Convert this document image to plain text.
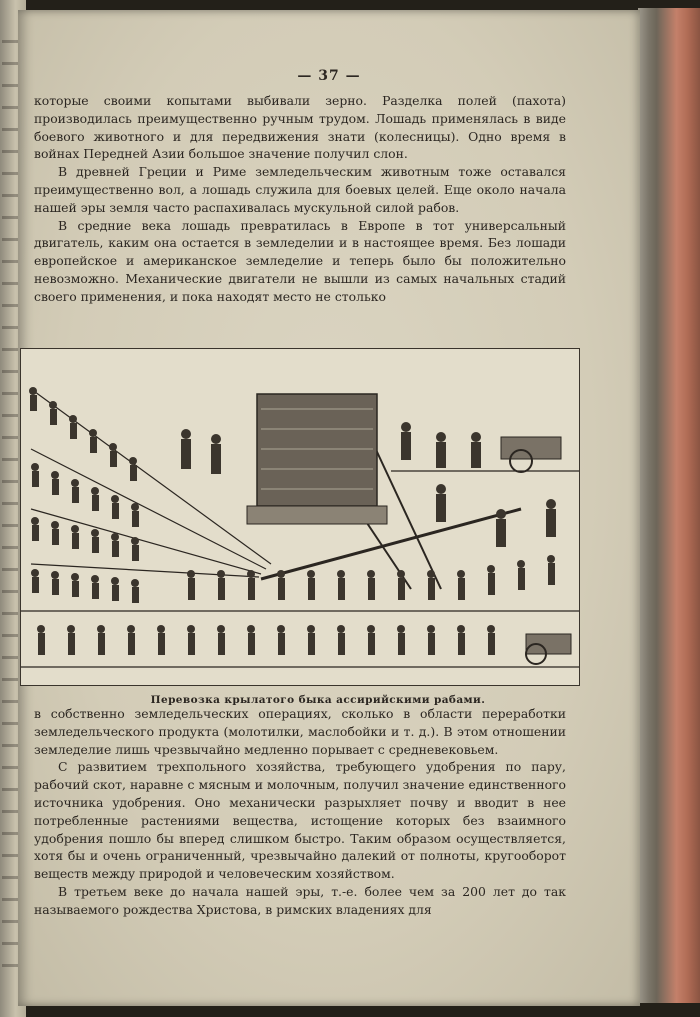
— 37 —

которые своими копытами выбивали зерно. Разделка полей (пахота) производилась преимущественно ручным трудом. Лошадь применялась в виде боевого животного и для передвижения знати (колесницы). Одно время в войнах Передней Азии большое значение получил слон.

В древней Греции и Риме земледельческим животным тоже оставался преимущественно вол, а лошадь служила для боевых целей. Еще около начала нашей эры земля часто распахивалась мускульной силой рабов.

В средние века лошадь превратилась в Европе в тот универсальный двигатель, каким она остается в земледелии и в настоящее время. Без лошади европейское и американское земледелие и теперь было бы положительно невозможно. Механические двигатели не вышли из самых начальных стадий своего применения, и пока находят место не столько

Перевозка крылатого быка ассирийскими рабами.

в собственно земледельческих операциях, сколько в области переработки земледельческого продукта (молотилки, маслобойки и т. д.). В этом отношении земледелие лишь чрезвычайно медленно порывает с средневековьем.

С развитием трехпольного хозяйства, требующего удобрения по пару, рабочий скот, наравне с мясным и молочным, получил значение единственного источника удобрения. Оно механически разрыхляет почву и вводит в нее потребленные растениями вещества, истощение которых без взаимного удобрения пошло бы вперед слишком быстро. Таким образом осуществляется, хотя бы и очень ограниченный, чрезвычайно далекий от полноты, кругооборот веществ между природой и человеческим хозяйством.

В третьем веке до начала нашей эры, т.-е. более чем за 200 лет до так называемого рождества Христова, в римских владениях для
